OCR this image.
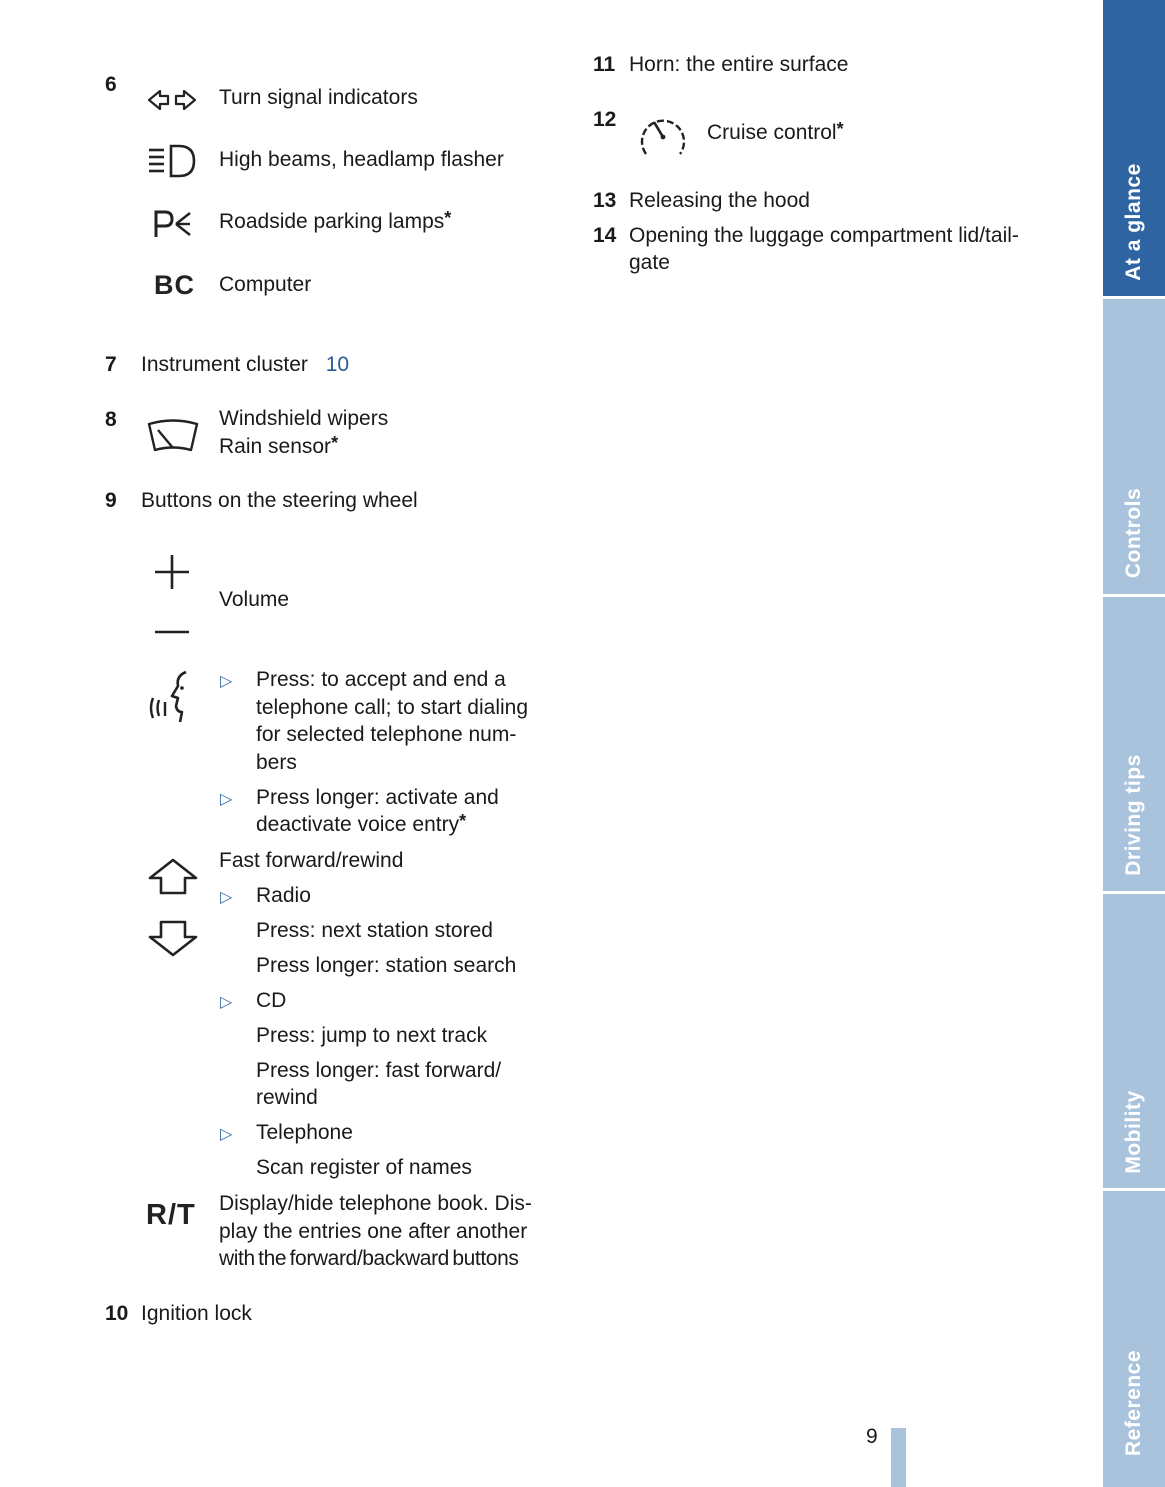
6
Turn signal indicators
High beams, headlamp flasher
Roadside parking lamps*
BC Computer
7 Instrument cluster 10
8	Windshield wipers
Rain sensor*
9 Buttons on the steering wheel
Volume
▷ Press: to accept and end a
telephone call; to start dialing
for selected telephone num-
bers
▷ Press longer: activate and
deactivate voice entry*
Fast forward/rewind
▷ Radio
Press: next station stored
Press longer: station search
▷ CD
Press: jump to next track
Press longer: fast forward/
rewind
▷ Telephone
Scan register of names
R/T Display/hide telephone book. Dis-
play the entries one after another
with the forward/backward buttons
10 Ignition lock
11 Horn: the entire surface
12
Cruise control*
13 Releasing the hood
14 Opening the luggage compartment lid/tail-
gate
9
At a glance
Controls
Driving tips
Mobility
Reference
